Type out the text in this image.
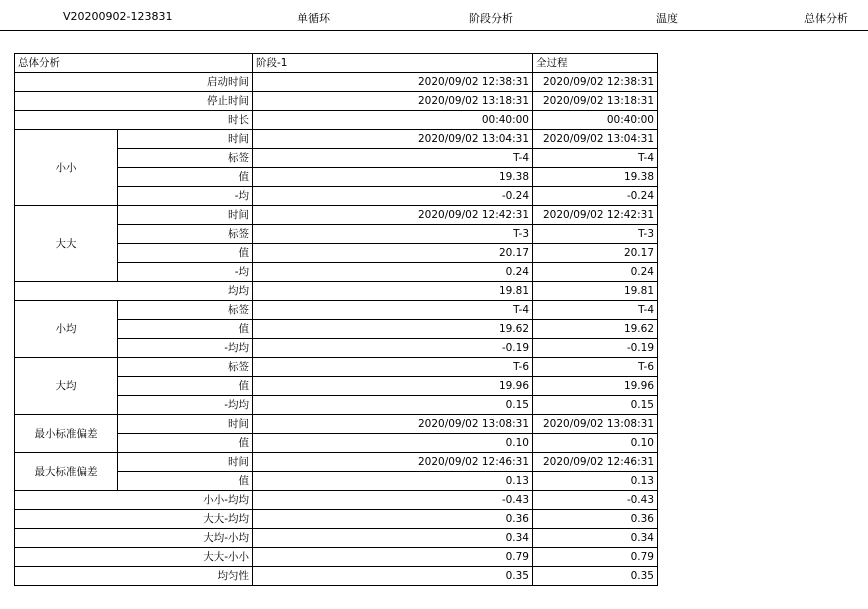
V20200902-123831	单循环	阶段分析	温度	总体分析
总体分析		阶段-1	全过程
启动时间		2020/09/02 12:38:31	2020/09/02 12:38:31
停止时间		2020/09/02 13:18:31	2020/09/02 13:18:31
时长		00:40:00	00:40:00
小小	时间	2020/09/02 13:04:31	2020/09/02 13:04:31
	标签	T-4	T-4
	值	19.38	19.38
	-均	-0.24	-0.24
大大	时间	2020/09/02 12:42:31	2020/09/02 12:42:31
	标签	T-3	T-3
	值	20.17	20.17
	-均	0.24	0.24
均均		19.81	19.81
小均	标签	T-4	T-4
	值	19.62	19.62
	-均均	-0.19	-0.19
大均	标签	T-6	T-6
	值	19.96	19.96
	-均均	0.15	0.15
最小标准偏差	时间	2020/09/02 13:08:31	2020/09/02 13:08:31
	值	0.10	0.10
最大标准偏差	时间	2020/09/02 12:46:31	2020/09/02 12:46:31
	值	0.13	0.13
小小-均均		-0.43	-0.43
大大-均均		0.36	0.36
大均-小均		0.34	0.34
大大-小小		0.79	0.79
均匀性		0.35	0.35
